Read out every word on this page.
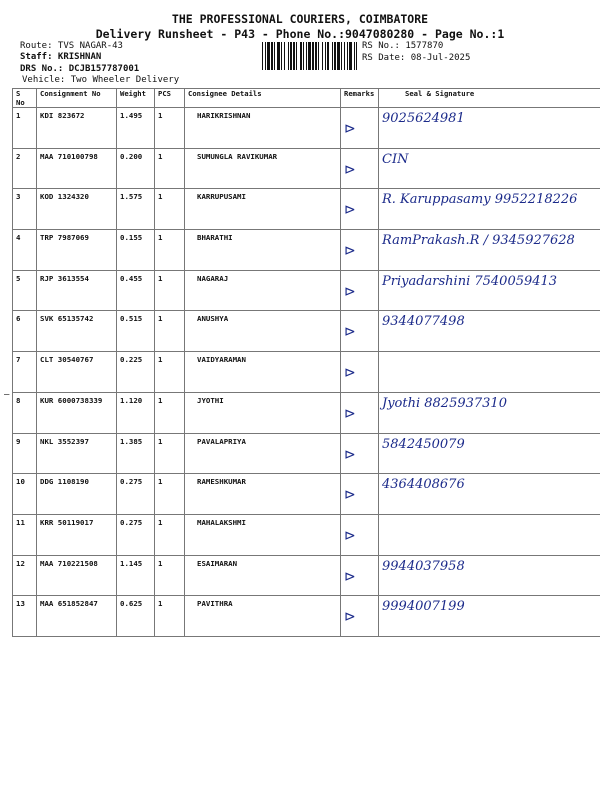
THE PROFESSIONAL COURIERS, COIMBATORE
Delivery Runsheet - P43 - Phone No.:9047080280 - Page No.:1
Route: TVS NAGAR-43
Staff: KRISHNAN
DRS No.: DCJB157787001
Vehicle: Two Wheeler Delivery
RS No.: 1577870
RS Date: 08-Jul-2025
–
S No	Consignment No	Weight	PCS	Consignee Details	Remarks	Seal & Signature
1	KDI 823672	1.495	1	HARIKRISHNAN	⊳	9025624981
2	MAA 710100798	0.200	1	SUMUNGLA RAVIKUMAR	⊳	CIN
3	KOD 1324320	1.575	1	KARRUPUSAMI	⊳	R. Karuppasamy 9952218226
4	TRP 7987069	0.155	1	BHARATHI	⊳	RamPrakash.R / 9345927628
5	RJP 3613554	0.455	1	NAGARAJ	⊳	Priyadarshini 7540059413
6	SVK 65135742	0.515	1	ANUSHYA	⊳	9344077498
7	CLT 30540767	0.225	1	VAIDYARAMAN	⊳	
8	KUR 6000738339	1.120	1	JYOTHI	⊳	Jyothi 8825937310
9	NKL 3552397	1.385	1	PAVALAPRIYA	⊳	5842450079
10	DDG 1108190	0.275	1	RAMESHKUMAR	⊳	4364408676
11	KRR 50119017	0.275	1	MAHALAKSHMI	⊳	
12	MAA 710221508	1.145	1	ESAIMARAN	⊳	9944037958
13	MAA 651852847	0.625	1	PAVITHRA	⊳	9994007199
